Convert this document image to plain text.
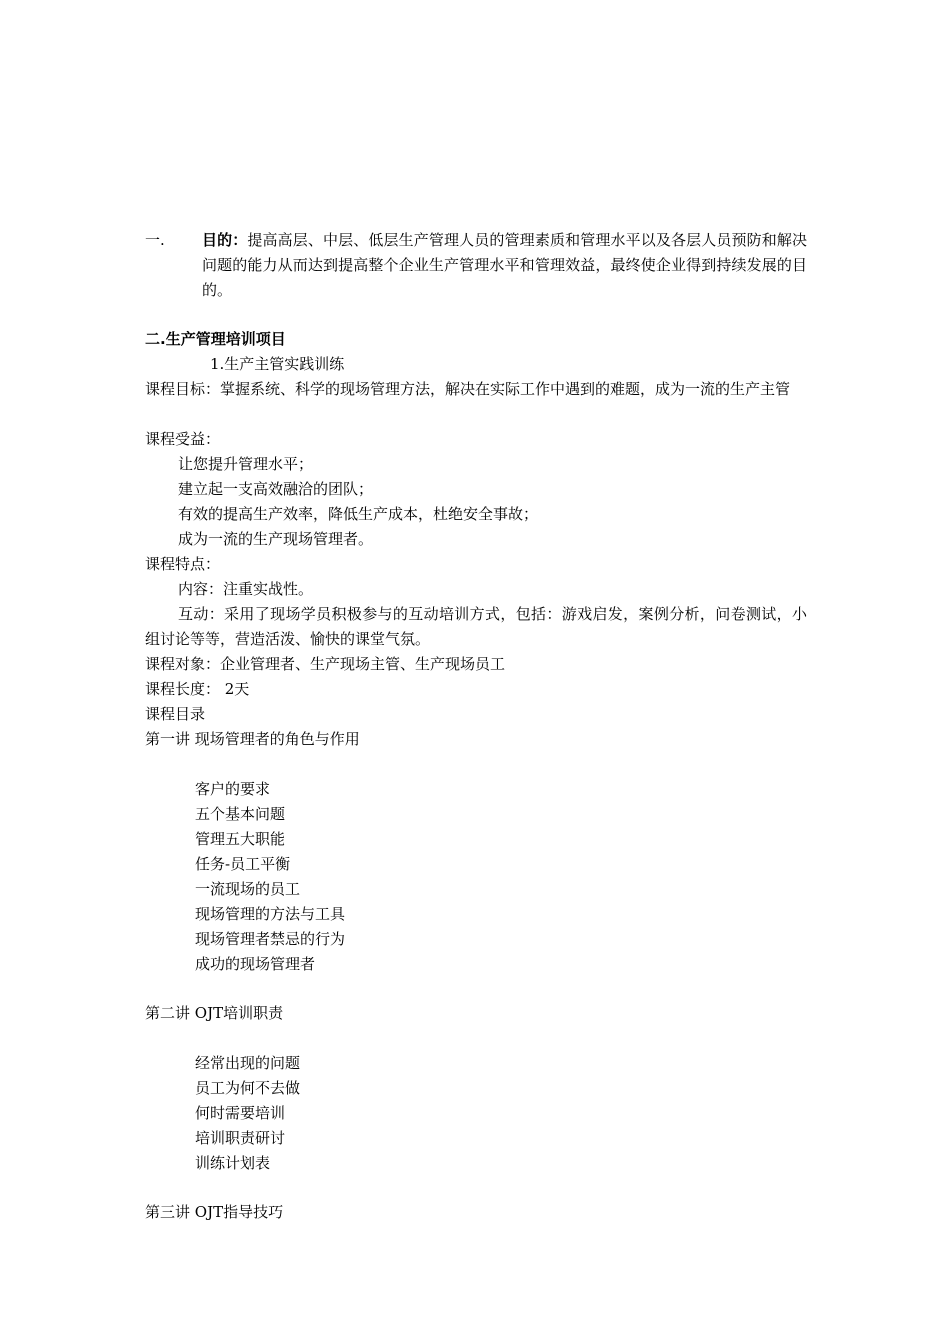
一. 目的：提高高层、中层、低层生产管理人员的管理素质和管理水平以及各层人员预防和解决问题的能力从而达到提高整个企业生产管理水平和管理效益，最终使企业得到持续发展的目的。
二.生产管理培训项目
1.生产主管实践训练
课程目标：掌握系统、科学的现场管理方法，解决在实际工作中遇到的难题，成为一流的生产主管
课程受益：
让您提升管理水平；
建立起一支高效融洽的团队；
有效的提高生产效率，降低生产成本，杜绝安全事故；
成为一流的生产现场管理者。
课程特点：
内容：注重实战性。
互动：采用了现场学员积极参与的互动培训方式，包括：游戏启发，案例分析，问卷测试，小组讨论等等，营造活泼、愉快的课堂气氛。
课程对象：企业管理者、生产现场主管、生产现场员工
课程长度： 2天
课程目录
第一讲 现场管理者的角色与作用
客户的要求
五个基本问题
管理五大职能
任务-员工平衡
一流现场的员工
现场管理的方法与工具
现场管理者禁忌的行为
成功的现场管理者
第二讲 OJT培训职责
经常出现的问题
员工为何不去做
何时需要培训
培训职责研讨
训练计划表
第三讲 OJT指导技巧
